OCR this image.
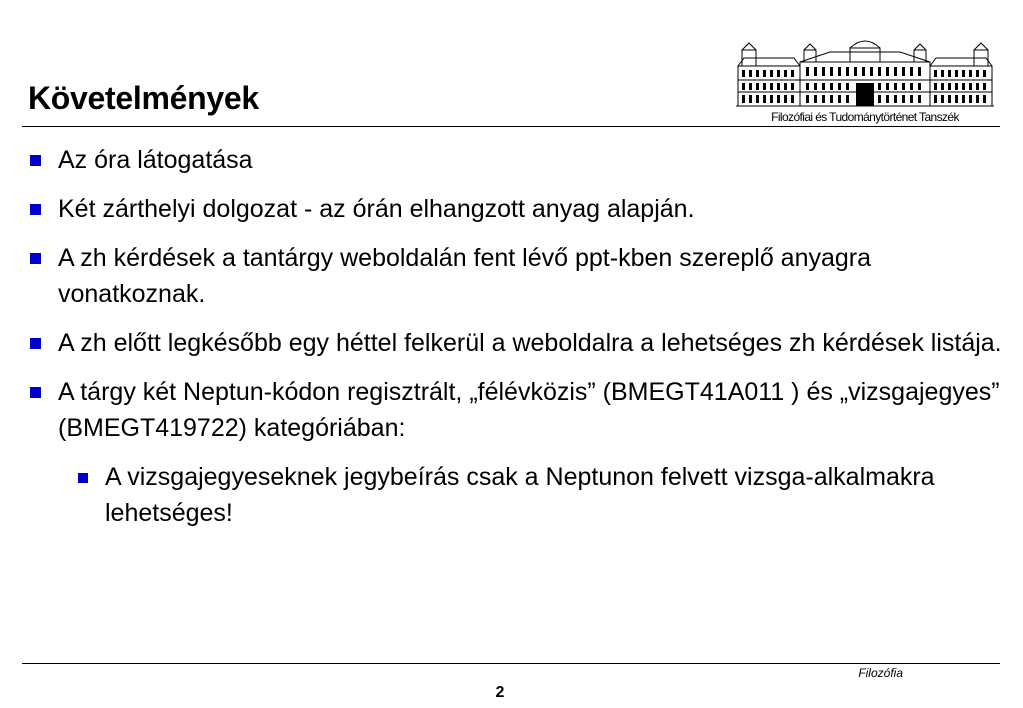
Követelmények
Filozófiai és Tudománytörténet Tanszék
Az óra látogatása
Két zárthelyi dolgozat - az órán elhangzott anyag alapján.
A zh kérdések a tantárgy weboldalán fent lévő ppt-kben szereplő anyagra vonatkoznak.
A zh előtt legkésőbb egy héttel felkerül a weboldalra a lehetséges zh kérdések listája.
A tárgy két Neptun-kódon regisztrált, „félévközis” (BMEGT41A011 ) és „vizsgajegyes” (BMEGT419722) kategóriában:
A vizsgajegyeseknek jegybeírás csak a Neptunon felvett vizsga-alkalmakra lehetséges!
Filozófia
2
